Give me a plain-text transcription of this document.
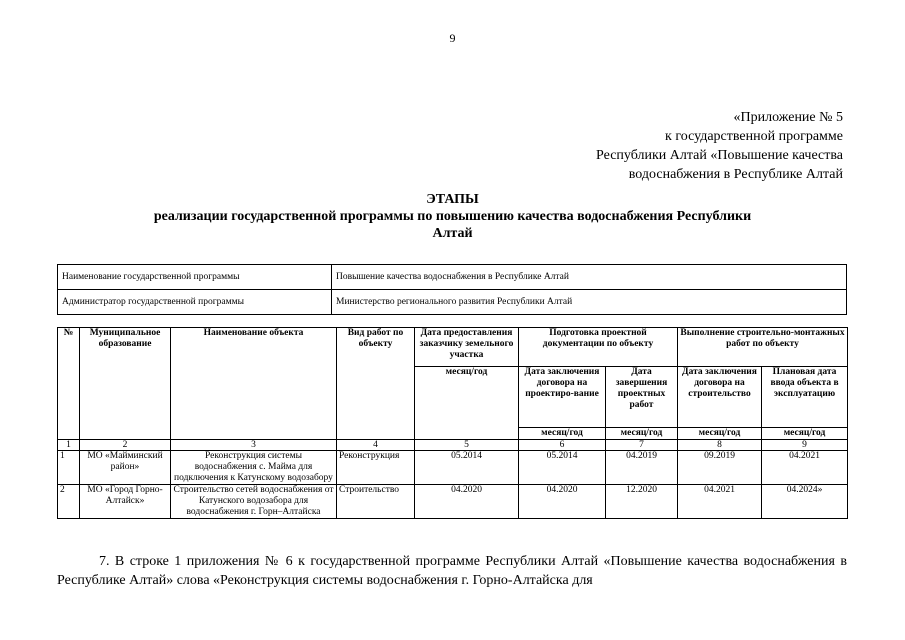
9
«Приложение № 5
к государственной программе
Республики Алтай «Повышение качества
водоснабжения в Республике Алтай
ЭТАПЫ
реализации государственной программы по повышению качества водоснабжения Республики Алтай
Наименование государственной программы	Повышение качества водоснабжения в Республике Алтай
Администратор государственной программы	Министерство регионального развития Республики Алтай
№	Муниципальное образование	Наименование объекта	Вид работ по объекту	Дата предоставления заказчику земельного участка	Подготовка проектной документации по объекту		Выполнение строительно-монтажных работ по объекту	
				месяц/год	Дата заключения договора на проектиро-вание	Дата завершения проектных работ	Дата заключения договора на строительство	Плановая дата ввода объекта в эксплуатацию
					месяц/год	месяц/год	месяц/год	месяц/год
1	2	3	4	5	6	7	8	9
1	МО «Майминский район»	Реконструкция системы водоснабжения с. Майма для подключения к Катунскому водозабору	Реконструкция	05.2014	05.2014	04.2019	09.2019	04.2021
2	МО «Город Горно-Алтайск»	Строительство сетей водоснабжения от Катунского водозабора для водоснабжения г. Горн–Алтайска	Строительство	04.2020	04.2020	12.2020	04.2021	04.2024»
7. В строке 1 приложения № 6 к государственной программе Республики Алтай «Повышение качества водоснабжения в Республике Алтай» слова «Реконструкция системы водоснабжения г. Горно-Алтайска для
